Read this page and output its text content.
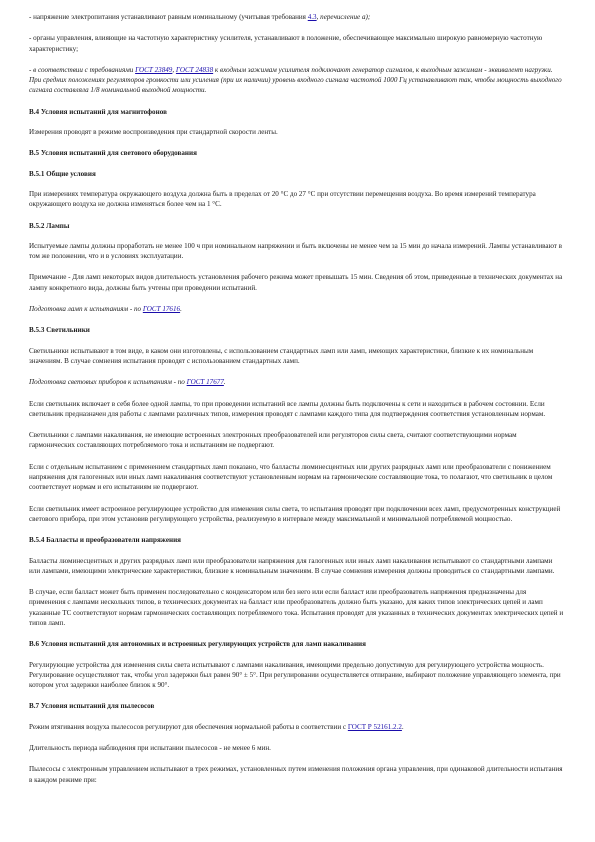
- напряжение электропитания устанавливают равным номинальному (учитывая требования 4.3, перечисление а);

- органы управления, влияющие на частотную характеристику усилителя, устанавливают в положение, обеспечивающее максимально широкую равномерную частотную характеристику;

- в соответствии с требованиями ГОСТ 23849, ГОСТ 24838 к входным зажимам усилителя подключают генератор сигналов, к выходным зажимам - эквивалент нагрузки. При средних положениях регуляторов громкости или усиления (при их наличии) уровень входного сигнала частотой 1000 Гц устанавливают так, чтобы мощность выходного сигнала составляла 1/8 номинальной выходной мощности.

В.4 Условия испытаний для магнитофонов

Измерения проводят в режиме воспроизведения при стандартной скорости ленты.

В.5 Условия испытаний для светового оборудования

В.5.1 Общие условия

При измерениях температура окружающего воздуха должна быть в пределах от 20 °С до 27 °С при отсутствии перемещения воздуха. Во время измерений температура окружающего воздуха не должна изменяться более чем на 1 °С.

В.5.2 Лампы

Испытуемые лампы должны проработать не менее 100 ч при номинальном напряжении и быть включены не менее чем за 15 мин до начала измерений. Лампы устанавливают в том же положении, что и в условиях эксплуатации.

Примечание - Для ламп некоторых видов длительность установления рабочего режима может превышать 15 мин. Сведения об этом, приведенные в технических документах на лампу конкретного вида, должны быть учтены при проведении испытаний.

Подготовка ламп к испытаниям - по ГОСТ 17616.

В.5.3 Светильники

Светильники испытывают в том виде, в каком они изготовлены, с использованием стандартных ламп или ламп, имеющих характеристики, близкие к их номинальным значениям. В случае сомнения испытания проводят с использованием стандартных ламп.

Подготовка световых приборов к испытаниям - по ГОСТ 17677.

Если светильник включает в себя более одной лампы, то при проведении испытаний все лампы должны быть подключены к сети и находиться в рабочем состоянии. Если светильник предназначен для работы с лампами различных типов, измерения проводят с лампами каждого типа для подтверждения соответствия установленным нормам.

Светильники с лампами накаливания, не имеющие встроенных электронных преобразователей или регуляторов силы света, считают соответствующими нормам гармонических составляющих потребляемого тока и испытаниям не подвергают.

Если с отдельным испытанием с применением стандартных ламп показано, что балласты люминесцентных или других разрядных ламп или преобразователи с понижением напряжения для галогенных или иных ламп накаливания соответствуют установленным нормам на гармонические составляющие тока, то полагают, что светильник в целом соответствует нормам и его испытаниям не подвергают.

Если светильник имеет встроенное регулирующее устройство для изменения силы света, то испытания проводят при подключении всех ламп, предусмотренных конструкцией светового прибора, при этом установив регулирующего устройства, реализуемую в интервале между максимальной и минимальной потребляемой мощностью.

В.5.4 Балласты и преобразователи напряжения

Балласты люминесцентных и других разрядных ламп или преобразователи напряжения для галогенных или иных ламп накаливания испытывают со стандартными лампами или лампами, имеющими электрические характеристики, близкие к номинальным значениям. В случае сомнения измерения должны проводиться со стандартными лампами.

В случае, если балласт может быть применен последовательно с конденсатором или без него или если балласт или преобразователь напряжения предназначены для применения с лампами нескольких типов, в технических документах на балласт или преобразователь должно быть указано, для каких типов электрических цепей и ламп указанные ТС соответствуют нормам гармонических составляющих потребляемого тока. Испытания проводят для указанных в технических документах электрических цепей и типов ламп.

В.6 Условия испытаний для автономных и встроенных регулирующих устройств для ламп накаливания

Регулирующие устройства для изменения силы света испытывают с лампами накаливания, имеющими предельно допустимую для регулирующего устройства мощность. Регулирование осуществляют так, чтобы угол задержки был равен 90° ± 5°. При регулировании осуществляется отпирание, выбирают положение управляющего элемента, при котором угол задержки наиболее близок к 90°.

В.7 Условия испытаний для пылесосов

Режим втягивания воздуха пылесосов регулируют для обеспечения нормальной работы в соответствии с ГОСТ Р 52161.2.2.

Длительность периода наблюдения при испытании пылесосов - не менее 6 мин.

Пылесосы с электронным управлением испытывают в трех режимах, установленных путем изменения положения органа управления, при одинаковой длительности испытания в каждом режиме при:
